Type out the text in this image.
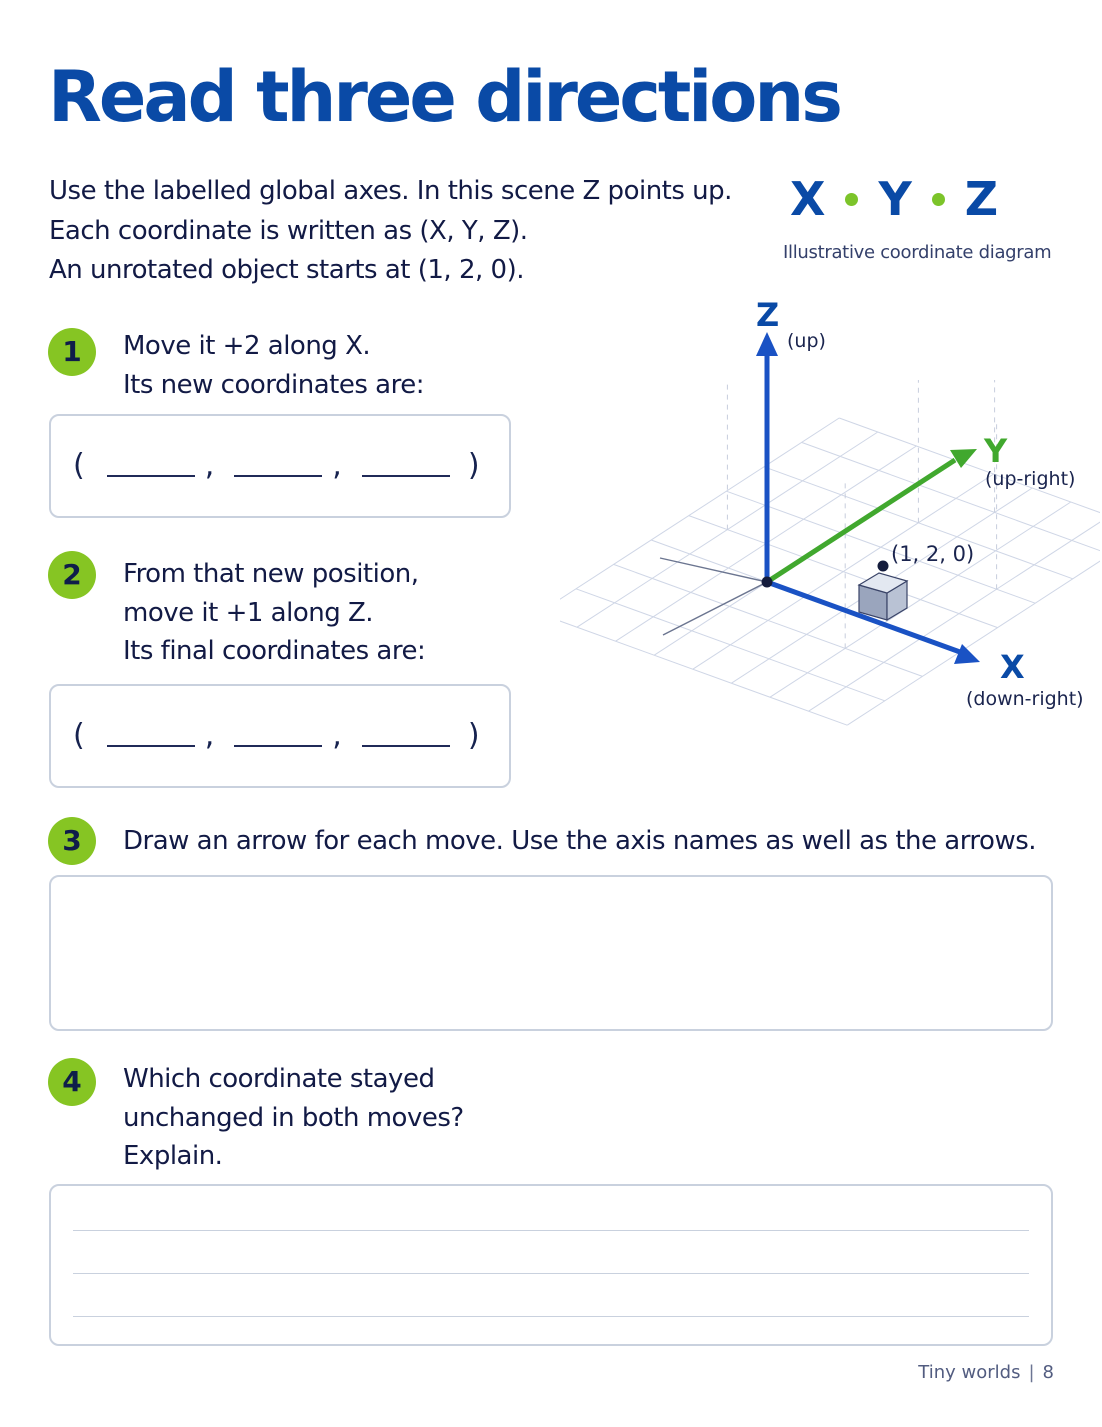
Read three directions
Use the labelled global axes. In this scene Z points up.
Each coordinate is written as (X, Y, Z).
An unrotated object starts at (1, 2, 0).
X Y Z
Illustrative coordinate diagram
Z
(up)
Y
(up-right)
X
(down-right)
(1, 2, 0)
1	Move it +2 along X.
Its new coordinates are:
(	,	,	)
2	From that new position,
move it +1 along Z.
Its final coordinates are:
(	,	,	)
3	Draw an arrow for each move. Use the axis names as well as the arrows.
4	Which coordinate stayed
unchanged in both moves?
Explain.
Tiny worlds | 8
